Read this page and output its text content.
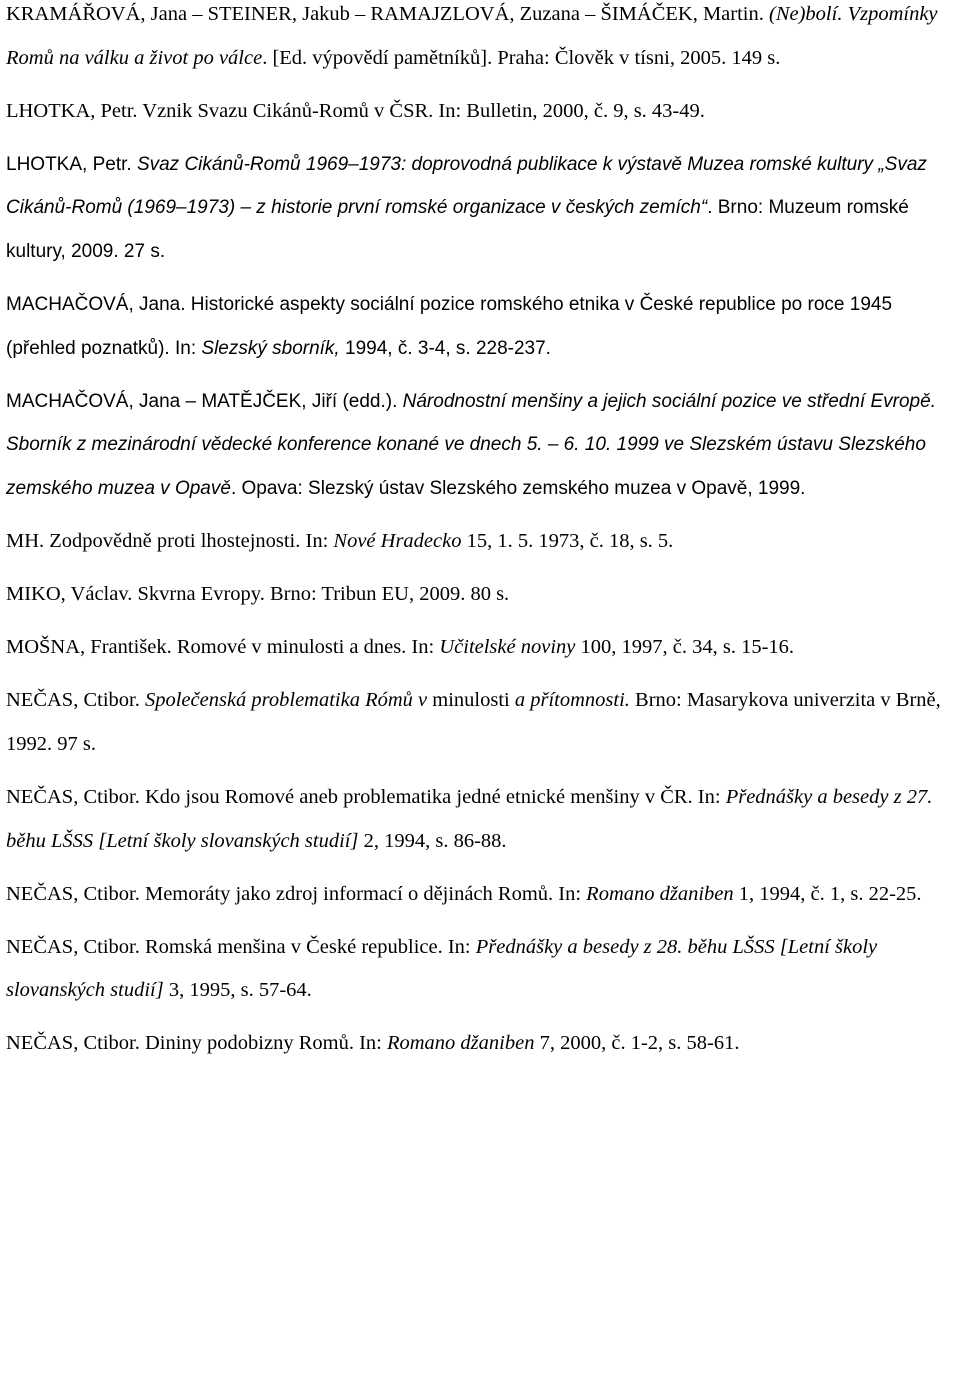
KRAMÁŘOVÁ, Jana – STEINER, Jakub – RAMAJZLOVÁ, Zuzana – ŠIMÁČEK, Martin. (Ne)bolí. Vzpomínky Romů na válku a život po válce. [Ed. výpovědí pamětníků]. Praha: Člověk v tísni, 2005. 149 s.

LHOTKA, Petr. Vznik Svazu Cikánů-Romů v ČSR. In: Bulletin, 2000, č. 9, s. 43-49.

LHOTKA, Petr. Svaz Cikánů-Romů 1969–1973: doprovodná publikace k výstavě Muzea romské kultury „Svaz Cikánů-Romů (1969–1973) – z historie první romské organizace v českých zemích“. Brno: Muzeum romské kultury, 2009. 27 s.

MACHAČOVÁ, Jana. Historické aspekty sociální pozice romského etnika v České republice po roce 1945 (přehled poznatků). In: Slezský sborník, 1994, č. 3-4, s. 228-237.

MACHAČOVÁ, Jana – MATĚJČEK, Jiří (edd.). Národnostní menšiny a jejich sociální pozice ve střední Evropě. Sborník z mezinárodní vědecké konference konané ve dnech 5. – 6. 10. 1999 ve Slezském ústavu Slezského zemského muzea v Opavě. Opava: Slezský ústav Slezského zemského muzea v Opavě, 1999.

MH. Zodpovědně proti lhostejnosti. In: Nové Hradecko 15, 1. 5. 1973, č. 18, s. 5.

MIKO, Václav. Skvrna Evropy. Brno: Tribun EU, 2009. 80 s.

MOŠNA, František. Romové v minulosti a dnes. In: Učitelské noviny 100, 1997, č. 34, s. 15-16.

NEČAS, Ctibor. Společenská problematika Rómů v minulosti a přítomnosti. Brno: Masarykova univerzita v Brně, 1992. 97 s.

NEČAS, Ctibor. Kdo jsou Romové aneb problematika jedné etnické menšiny v ČR. In: Přednášky a besedy z 27. běhu LŠSS [Letní školy slovanských studií] 2, 1994, s. 86-88.

NEČAS, Ctibor. Memoráty jako zdroj informací o dějinách Romů. In: Romano džaniben 1, 1994, č. 1, s. 22-25.

NEČAS, Ctibor. Romská menšina v České republice. In: Přednášky a besedy z 28. běhu LŠSS [Letní školy slovanských studií] 3, 1995, s. 57-64.

NEČAS, Ctibor. Dininy podobizny Romů. In: Romano džaniben 7, 2000, č. 1-2, s. 58-61.
